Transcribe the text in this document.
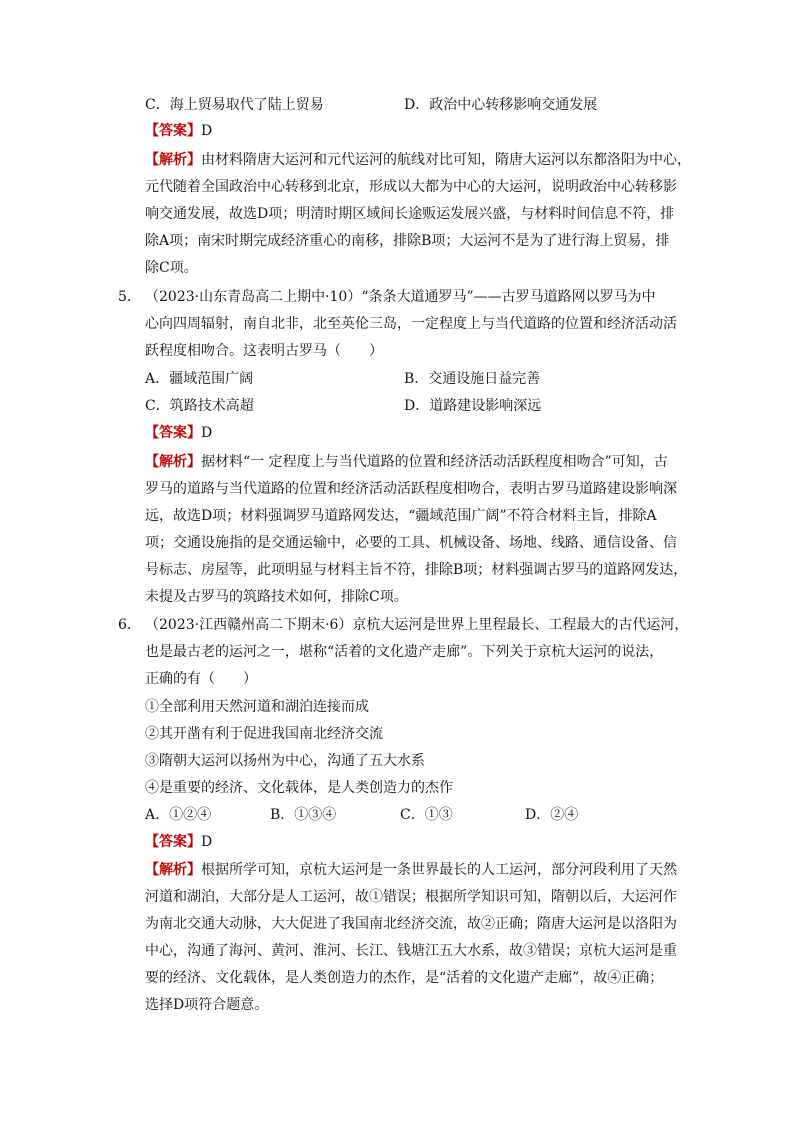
C．海上贸易取代了陆上贸易	D．政治中心转移影响交通发展
【答案】D
【解析】由材料隋唐大运河和元代运河的航线对比可知，隋唐大运河以东都洛阳为中心，
元代随着全国政治中心转移到北京，形成以大都为中心的大运河，说明政治中心转移影
响交通发展，故选D项；明清时期区域间长途贩运发展兴盛，与材料时间信息不符，排
除A项；南宋时期完成经济重心的南移，排除B项；大运河不是为了进行海上贸易，排
除C项。
5． （2023·山东青岛高二上期中·10）“条条大道通罗马”——古罗马道路网以罗马为中
心向四周辐射，南自北非，北至英伦三岛，一定程度上与当代道路的位置和经济活动活
跃程度相吻合。这表明古罗马（　　）
A．疆域范围广阔	B．交通设施日益完善
C．筑路技术高超	D．道路建设影响深远
【答案】D
【解析】据材料“一 定程度上与当代道路的位置和经济活动活跃程度相吻合”可知，古
罗马的道路与当代道路的位置和经济活动活跃程度相吻合，表明古罗马道路建设影响深
远，故选D项；材料强调罗马道路网发达，“疆域范围广阔”不符合材料主旨，排除A
项；交通设施指的是交通运输中，必要的工具、机械设备、场地、线路、通信设备、信
号标志、房屋等，此项明显与材料主旨不符，排除B项；材料强调古罗马的道路网发达，
未提及古罗马的筑路技术如何，排除C项。
6． （2023·江西赣州高二下期末·6）京杭大运河是世界上里程最长、工程最大的古代运河，
也是最古老的运河之一，堪称“活着的文化遗产走廊”。下列关于京杭大运河的说法，
正确的有（　　）
①全部利用天然河道和湖泊连接而成
②其开凿有利于促进我国南北经济交流
③隋朝大运河以扬州为中心，沟通了五大水系
④是重要的经济、文化载体，是人类创造力的杰作
A．①②④	B．①③④	C．①③	D．②④
【答案】D
【解析】根据所学可知，京杭大运河是一条世界最长的人工运河，部分河段利用了天然
河道和湖泊，大部分是人工运河，故①错误；根据所学知识可知，隋朝以后，大运河作
为南北交通大动脉，大大促进了我国南北经济交流，故②正确；隋唐大运河是以洛阳为
中心，沟通了海河、黄河、淮河、长江、钱塘江五大水系，故③错误；京杭大运河是重
要的经济、文化载体，是人类创造力的杰作，是“活着的文化遗产走廊”，故④正确；
选择D项符合题意。
